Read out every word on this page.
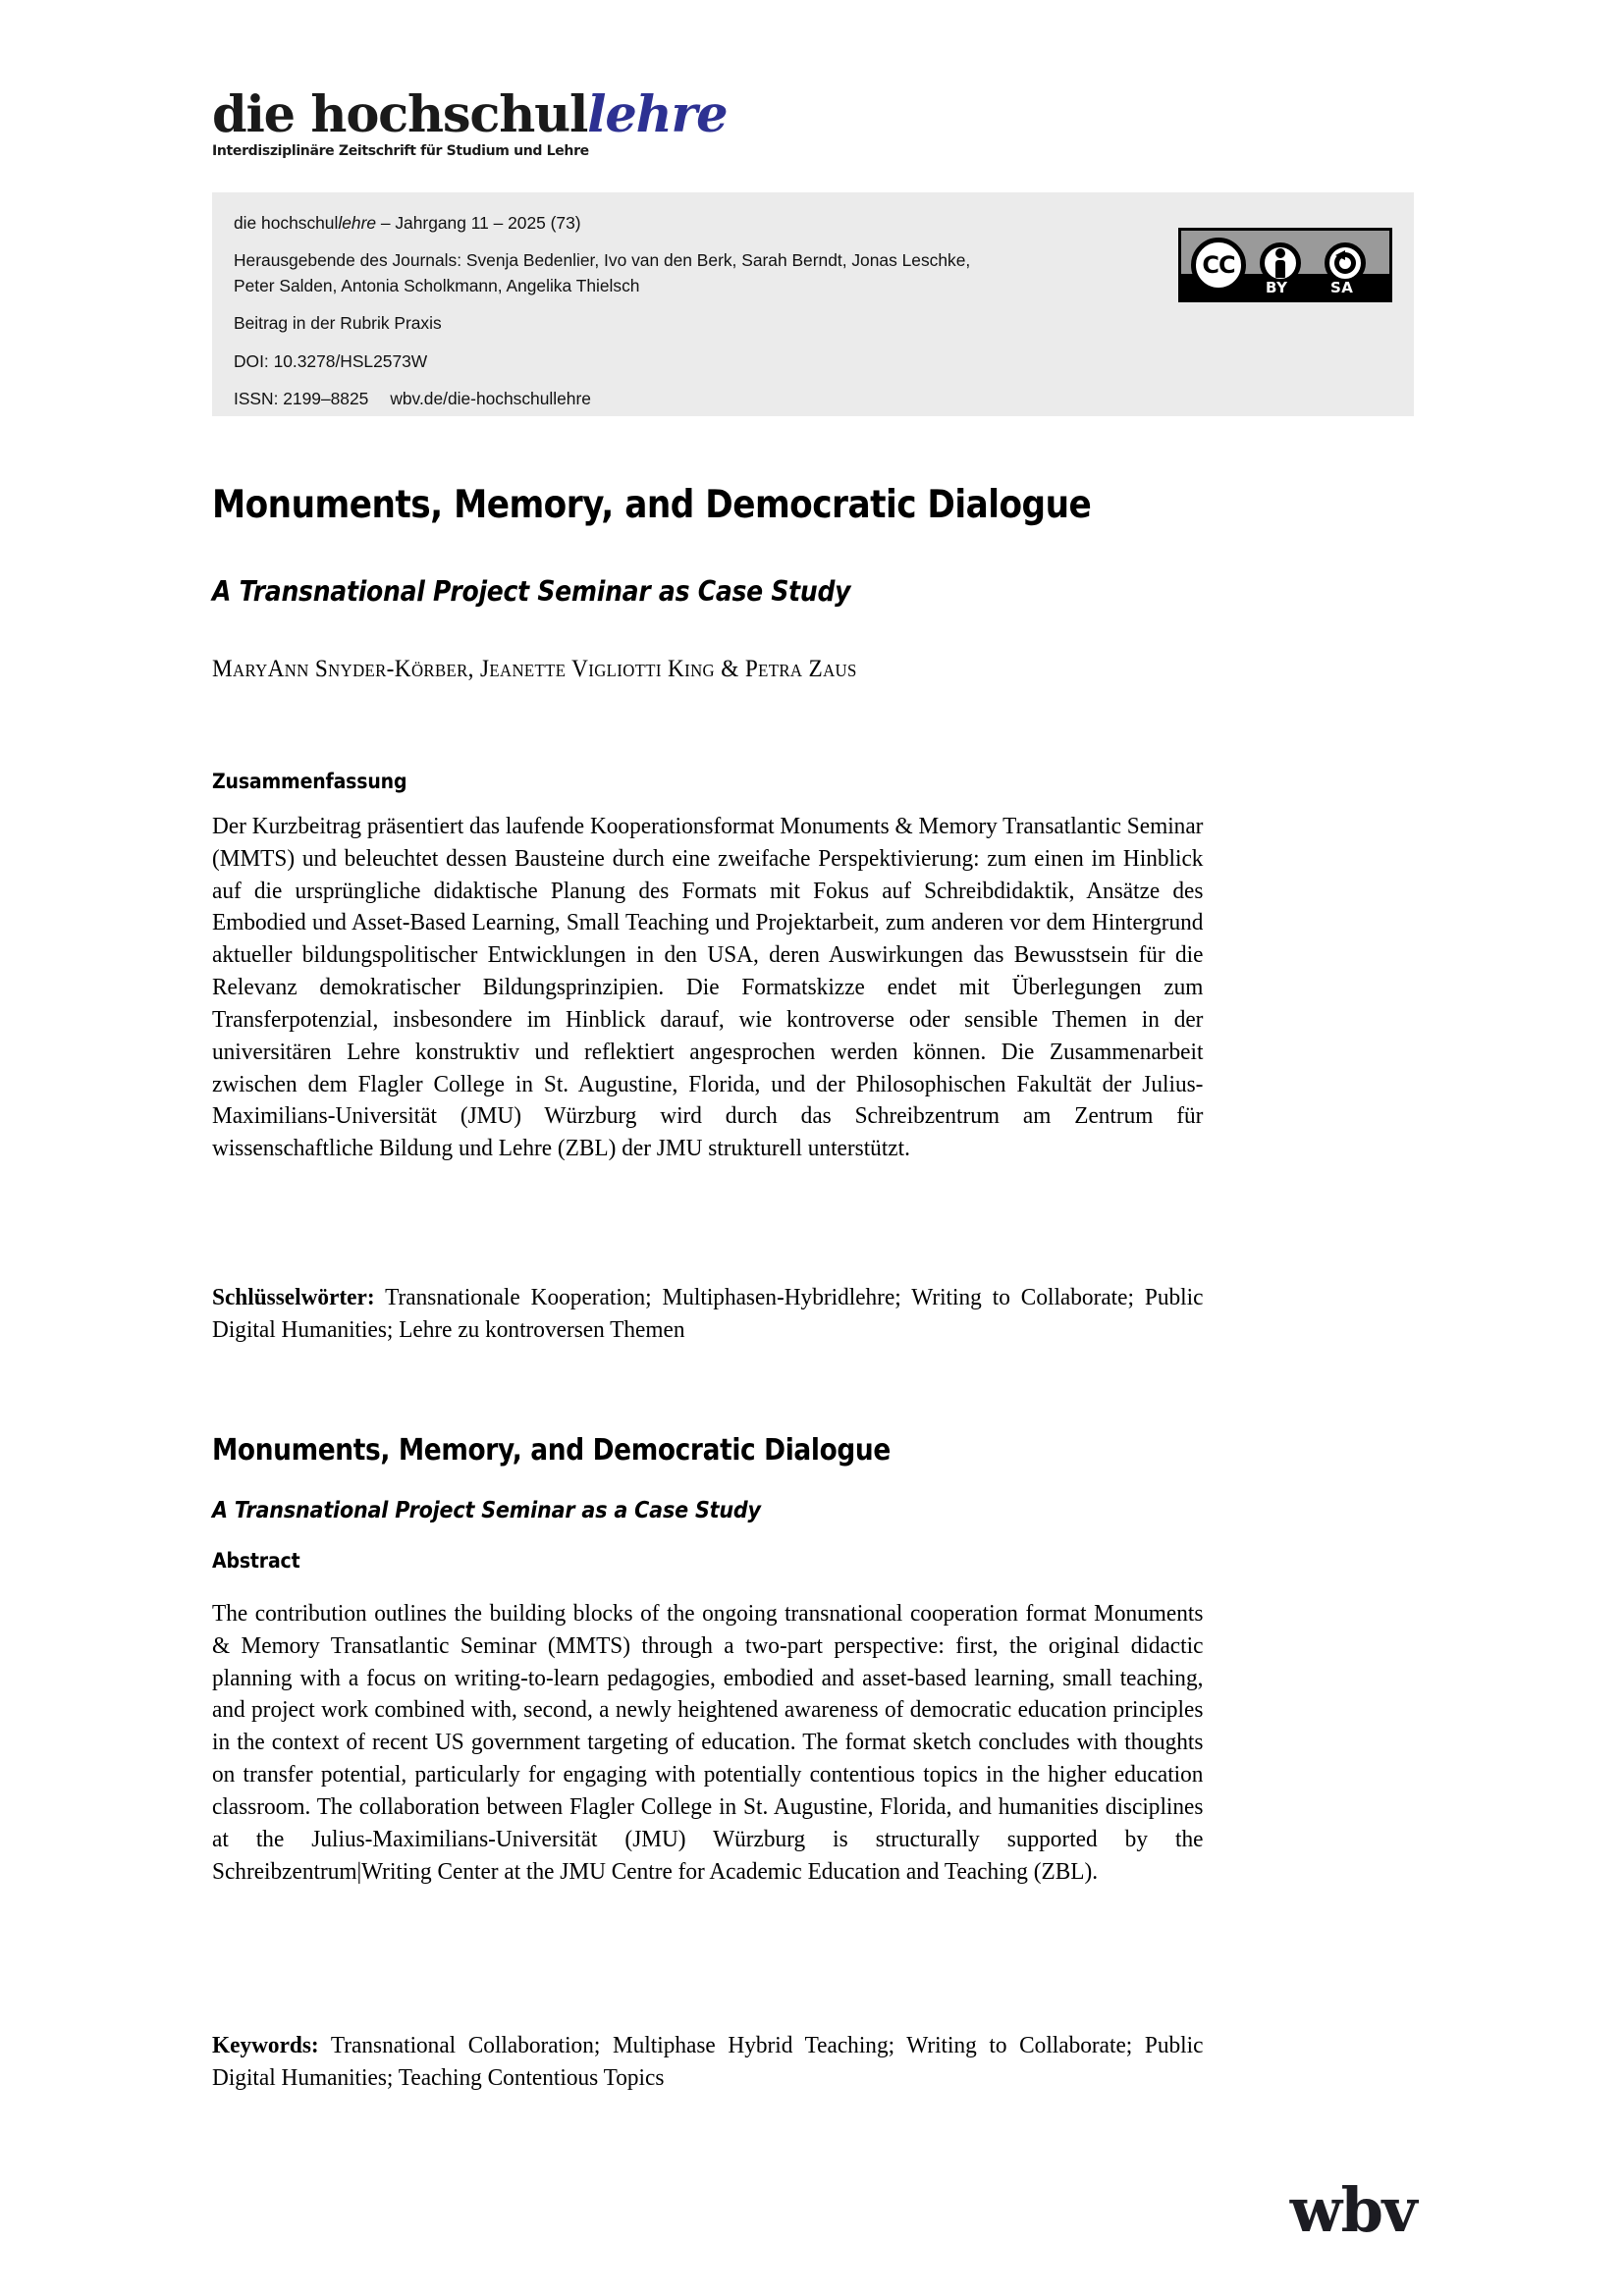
die hochschullehre
Interdisziplinäre Zeitschrift für Studium und Lehre
die hochschullehre – Jahrgang 11 – 2025 (73)
Herausgebende des Journals: Svenja Bedenlier, Ivo van den Berk, Sarah Berndt, Jonas Leschke,
Peter Salden, Antonia Scholkmann, Angelika Thielsch
Beitrag in der Rubrik Praxis
DOI: 10.3278/HSL2573W
ISSN: 2199–8825 wbv.de/die-hochschullehre
CC
BY	SA
Monuments, Memory, and Democratic Dialogue
A Transnational Project Seminar as Case Study
MaryAnn Snyder-Körber, Jeanette Vigliotti King & Petra Zaus
Zusammenfassung
Der Kurzbeitrag präsentiert das laufende Kooperationsformat Monuments & Memory Transatlantic Seminar (MMTS) und beleuchtet dessen Bausteine durch eine zweifache Perspektivierung: zum einen im Hinblick auf die ursprüngliche didaktische Planung des Formats mit Fokus auf Schreibdidaktik, Ansätze des Embodied und Asset-Based Learning, Small Teaching und Projektarbeit, zum anderen vor dem Hintergrund aktueller bildungspolitischer Entwicklungen in den USA, deren Auswirkungen das Bewusstsein für die Relevanz demokratischer Bildungsprinzipien. Die Formatskizze endet mit Überlegungen zum Transferpotenzial, insbesondere im Hinblick darauf, wie kontroverse oder sensible Themen in der universitären Lehre konstruktiv und reflektiert angesprochen werden können. Die Zusammenarbeit zwischen dem Flagler College in St. Augustine, Florida, und der Philosophischen Fakultät der Julius-Maximilians-Universität (JMU) Würzburg wird durch das Schreibzentrum am Zentrum für wissenschaftliche Bildung und Lehre (ZBL) der JMU strukturell unterstützt.
Schlüsselwörter: Transnationale Kooperation; Multiphasen-Hybridlehre; Writing to Collaborate; Public Digital Humanities; Lehre zu kontroversen Themen
Monuments, Memory, and Democratic Dialogue
A Transnational Project Seminar as a Case Study
Abstract
The contribution outlines the building blocks of the ongoing transnational cooperation format Monuments & Memory Transatlantic Seminar (MMTS) through a two-part perspective: first, the original didactic planning with a focus on writing-to-learn pedagogies, embodied and asset-based learning, small teaching, and project work combined with, second, a newly heightened awareness of democratic education principles in the context of recent US government targeting of education. The format sketch concludes with thoughts on transfer potential, particularly for engaging with potentially contentious topics in the higher education classroom. The collaboration between Flagler College in St. Augustine, Florida, and humanities disciplines at the Julius-Maximilians-Universität (JMU) Würzburg is structurally supported by the Schreibzentrum|Writing Center at the JMU Centre for Academic Education and Teaching (ZBL).
Keywords: Transnational Collaboration; Multiphase Hybrid Teaching; Writing to Collaborate; Public Digital Humanities; Teaching Contentious Topics
wbv
